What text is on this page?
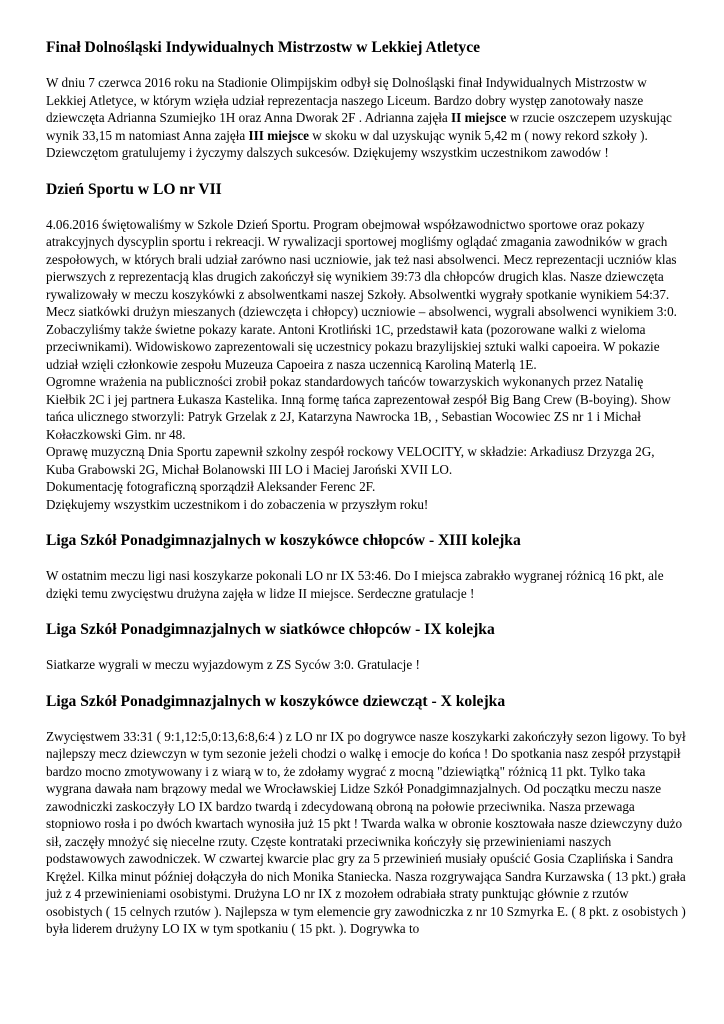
Finał Dolnośląski Indywidualnych Mistrzostw w Lekkiej Atletyce

W dniu 7 czerwca 2016 roku na Stadionie Olimpijskim odbył się Dolnośląski finał Indywidualnych Mistrzostw w Lekkiej Atletyce, w którym wzięła udział reprezentacja naszego Liceum. Bardzo dobry występ zanotowały nasze dziewczęta Adrianna Szumiejko 1H oraz Anna Dworak 2F . Adrianna zajęła II miejsce w rzucie oszczepem uzyskując wynik 33,15 m natomiast Anna zajęła III miejsce w skoku w dal uzyskując wynik 5,42 m ( nowy rekord szkoły ).

Dziewczętom gratulujemy i życzymy dalszych sukcesów. Dziękujemy wszystkim uczestnikom zawodów !

Dzień Sportu w LO nr VII

4.06.2016 świętowaliśmy w Szkole Dzień Sportu. Program obejmował współzawodnictwo sportowe oraz pokazy atrakcyjnych dyscyplin sportu i rekreacji. W rywalizacji sportowej mogliśmy oglądać zmagania zawodników w grach zespołowych, w których brali udział zarówno nasi uczniowie, jak też nasi absolwenci. Mecz reprezentacji uczniów klas pierwszych z reprezentacją klas drugich zakończył się wynikiem 39:73 dla chłopców drugich klas. Nasze dziewczęta rywalizowały w meczu koszykówki z absolwentkami naszej Szkoły. Absolwentki wygrały spotkanie wynikiem 54:37. Mecz siatkówki drużyn mieszanych (dziewczęta i chłopcy) uczniowie – absolwenci, wygrali absolwenci wynikiem 3:0.

Zobaczyliśmy także świetne pokazy karate. Antoni Krotliński 1C, przedstawił kata (pozorowane walki z wieloma przeciwnikami). Widowiskowo zaprezentowali się uczestnicy pokazu brazylijskiej sztuki walki capoeira. W pokazie udział wzięli członkowie zespołu Muzeuza Capoeira z nasza uczennicą Karoliną Materlą 1E.

Ogromne wrażenia na publiczności zrobił pokaz standardowych tańców towarzyskich wykonanych przez Natalię Kiełbik 2C i jej partnera Łukasza Kastelika. Inną formę tańca zaprezentował zespół Big Bang Crew (B-boying). Show tańca ulicznego stworzyli: Patryk Grzelak z 2J, Katarzyna Nawrocka 1B, , Sebastian Wocowiec ZS nr 1 i Michał Kołaczkowski Gim. nr 48.

Oprawę muzyczną Dnia Sportu zapewnił szkolny zespół rockowy VELOCITY, w składzie: Arkadiusz Drzyzga 2G, Kuba Grabowski 2G, Michał Bolanowski III LO i Maciej Jaroński XVII LO.

Dokumentację fotograficzną sporządził Aleksander Ferenc 2F.

Dziękujemy wszystkim uczestnikom i do zobaczenia w przyszłym roku!

Liga Szkół Ponadgimnazjalnych w koszykówce chłopców - XIII kolejka

W ostatnim meczu ligi nasi koszykarze pokonali LO nr IX 53:46. Do I miejsca zabrakło wygranej różnicą 16 pkt, ale dzięki temu zwycięstwu drużyna zajęła w lidze II miejsce. Serdeczne gratulacje !

Liga Szkół Ponadgimnazjalnych w siatkówce chłopców - IX kolejka

Siatkarze wygrali w meczu wyjazdowym z ZS Syców 3:0. Gratulacje !

Liga Szkół Ponadgimnazjalnych w koszykówce dziewcząt - X kolejka

Zwycięstwem 33:31 ( 9:1,12:5,0:13,6:8,6:4 ) z LO nr IX po dogrywce nasze koszykarki zakończyły sezon ligowy. To był najlepszy mecz dziewczyn w tym sezonie jeżeli chodzi o walkę i emocje do końca ! Do spotkania nasz zespół przystąpił bardzo mocno zmotywowany i z wiarą w to, że zdołamy wygrać z mocną "dziewiątką" różnicą 11 pkt. Tylko taka wygrana dawała nam brązowy medal we Wrocławskiej Lidze Szkół Ponadgimnazjalnych. Od początku meczu nasze zawodniczki zaskoczyły LO IX bardzo twardą i zdecydowaną obroną na połowie przeciwnika. Nasza przewaga stopniowo rosła i po dwóch kwartach wynosiła już 15 pkt ! Twarda walka w obronie kosztowała nasze dziewczyny dużo sił, zaczęły mnożyć się niecelne rzuty. Częste kontrataki przeciwnika kończyły się przewinieniami naszych podstawowych zawodniczek. W czwartej kwarcie plac gry za 5 przewinień musiały opuścić Gosia Czaplińska i Sandra Krężel. Kilka minut później dołączyła do nich Monika Staniecka. Nasza rozgrywająca Sandra Kurzawska ( 13 pkt.) grała już z 4 przewinieniami osobistymi. Drużyna LO nr IX z mozołem odrabiała straty punktując głównie z rzutów osobistych ( 15 celnych rzutów ). Najlepsza w tym elemencie gry zawodniczka z nr 10 Szmyrka E. ( 8 pkt. z osobistych ) była liderem drużyny LO IX w tym spotkaniu ( 15 pkt. ). Dogrywka to
